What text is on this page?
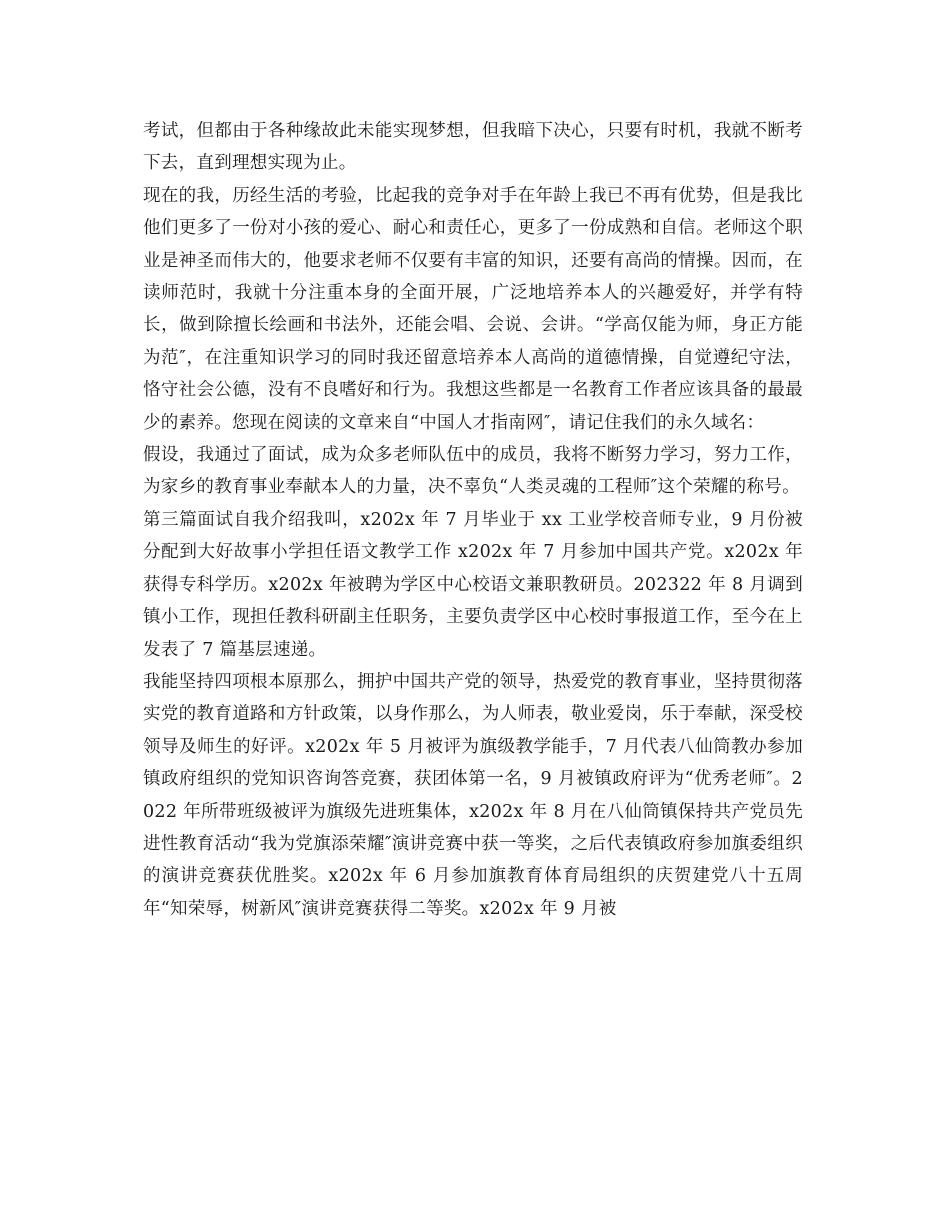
考试，但都由于各种缘故此未能实现梦想，但我暗下决心，只要有时机，我就不断考下去，直到理想实现为止。

现在的我，历经生活的考验，比起我的竞争对手在年龄上我已不再有优势，但是我比他们更多了一份对小孩的爱心、耐心和责任心，更多了一份成熟和自信。老师这个职业是神圣而伟大的，他要求老师不仅要有丰富的知识，还要有高尚的情操。因而，在读师范时，我就十分注重本身的全面开展，广泛地培养本人的兴趣爱好，并学有特长，做到除擅长绘画和书法外，还能会唱、会说、会讲。“学高仅能为师，身正方能为范″，在注重知识学习的同时我还留意培养本人高尚的道德情操，自觉遵纪守法，恪守社会公德，没有不良嗜好和行为。我想这些都是一名教育工作者应该具备的最最少的素养。您现在阅读的文章来自“中国人才指南网″，请记住我们的永久域名：

假设，我通过了面试，成为众多老师队伍中的成员，我将不断努力学习，努力工作，为家乡的教育事业奉献本人的力量，决不辜负“人类灵魂的工程师″这个荣耀的称号。

第三篇面试自我介绍我叫，x202x 年 7 月毕业于 xx 工业学校音师专业，9 月份被分配到大好故事小学担任语文教学工作 x202x 年 7 月参加中国共产党。x202x 年获得专科学历。x202x 年被聘为学区中心校语文兼职教研员。202322 年 8 月调到镇小工作，现担任教科研副主任职务，主要负责学区中心校时事报道工作，至今在上发表了 7 篇基层速递。

我能坚持四项根本原那么，拥护中国共产党的领导，热爱党的教育事业，坚持贯彻落实党的教育道路和方针政策，以身作那么，为人师表，敬业爱岗，乐于奉献，深受校领导及师生的好评。x202x 年 5 月被评为旗级教学能手，7 月代表八仙筒教办参加镇政府组织的党知识咨询答竞赛，获团体第一名，9 月被镇政府评为“优秀老师″。2022 年所带班级被评为旗级先进班集体，x202x 年 8 月在八仙筒镇保持共产党员先进性教育活动“我为党旗添荣耀″演讲竞赛中获一等奖，之后代表镇政府参加旗委组织的演讲竞赛获优胜奖。x202x 年 6 月参加旗教育体育局组织的庆贺建党八十五周年“知荣辱，树新风″演讲竞赛获得二等奖。x202x 年 9 月被
